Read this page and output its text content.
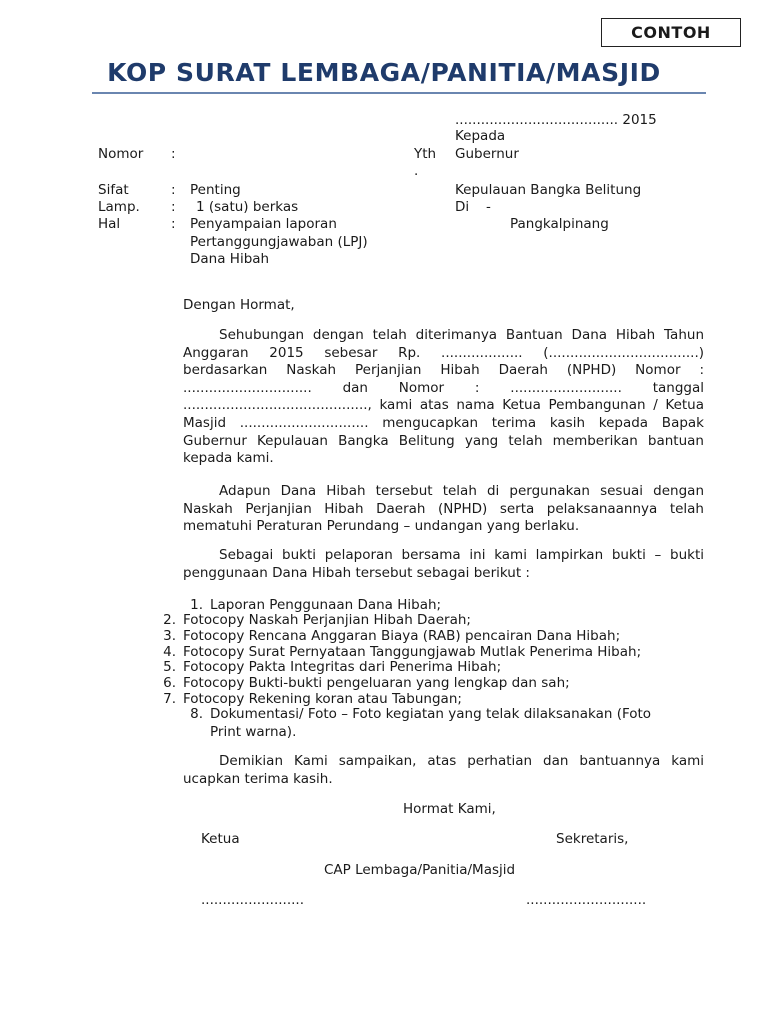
CONTOH
KOP SURAT LEMBAGA/PANITIA/MASJID
...................................... 2015
Nomor :
Sifat	: Penting
Lamp. : 1 (satu) berkas
Hal	: Penyampaian laporan
Pertanggungjawaban (LPJ)
Dana Hibah
Kepada
Yth
.
Gubernur
Kepulauan Bangka Belitung
Di -
Pangkalpinang
Dengan Hormat,
Sehubungan dengan telah diterimanya Bantuan Dana Hibah Tahun Anggaran 2015 sebesar Rp. ................... (...................................) berdasarkan Naskah Perjanjian Hibah Daerah (NPHD) Nomor : .............................. dan Nomor : .......................... tanggal ..........................................., kami atas nama Ketua Pembangunan / Ketua Masjid .............................. mengucapkan terima kasih kepada Bapak Gubernur Kepulauan Bangka Belitung yang telah memberikan bantuan kepada kami.
Adapun Dana Hibah tersebut telah di pergunakan sesuai dengan Naskah Perjanjian Hibah Daerah (NPHD) serta pelaksanaannya telah mematuhi Peraturan Perundang – undangan yang berlaku.
Sebagai bukti pelaporan bersama ini kami lampirkan bukti – bukti penggunaan Dana Hibah tersebut sebagai berikut :
1. Laporan Penggunaan Dana Hibah;
2. Fotocopy Naskah Perjanjian Hibah Daerah;
3. Fotocopy Rencana Anggaran Biaya (RAB) pencairan Dana Hibah;
4. Fotocopy Surat Pernyataan Tanggungjawab Mutlak Penerima Hibah;
5. Fotocopy Pakta Integritas dari Penerima Hibah;
6. Fotocopy Bukti-bukti pengeluaran yang lengkap dan sah;
7. Fotocopy Rekening koran atau Tabungan;
8. Dokumentasi/ Foto – Foto kegiatan yang telak dilaksanakan (Foto
Print warna).
Demikian Kami sampaikan, atas perhatian dan bantuannya kami ucapkan terima kasih.
Hormat Kami,
Ketua	Sekretaris,
CAP Lembaga/Panitia/Masjid
........................	............................
